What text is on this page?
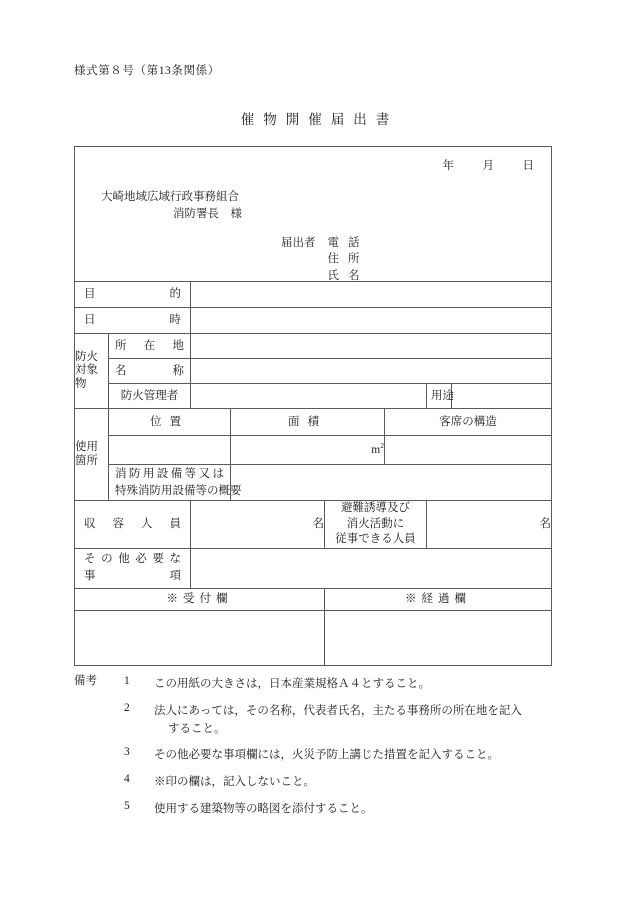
様式第８号（第13条関係）
催物開催届出書
年 月 日
大崎地域広域行政事務組合
消防署長　様
届出者	電話
住所
氏名

目的							

日時							

防火対象物	所在地						

	名称						

	防火管理者					用途	

使用箇所	位置		面積		客席の構造		
			$m^2$	

	消防用設備等又は
特殊消防用設備等の概要						

収容人員		名		避難誘導及び
消火活動に
従事できる人員		名	

その他必要な
事項							

※受付欄				※経過欄			

備考	1	この用紙の大きさは，日本産業規格Ａ４とすること。
2	法人にあっては，その名称，代表者氏名，主たる事務所の所在地を記入
すること。
3	その他必要な事項欄には，火災予防上講じた措置を記入すること。
4	※印の欄は，記入しないこと。
5	使用する建築物等の略図を添付すること。
